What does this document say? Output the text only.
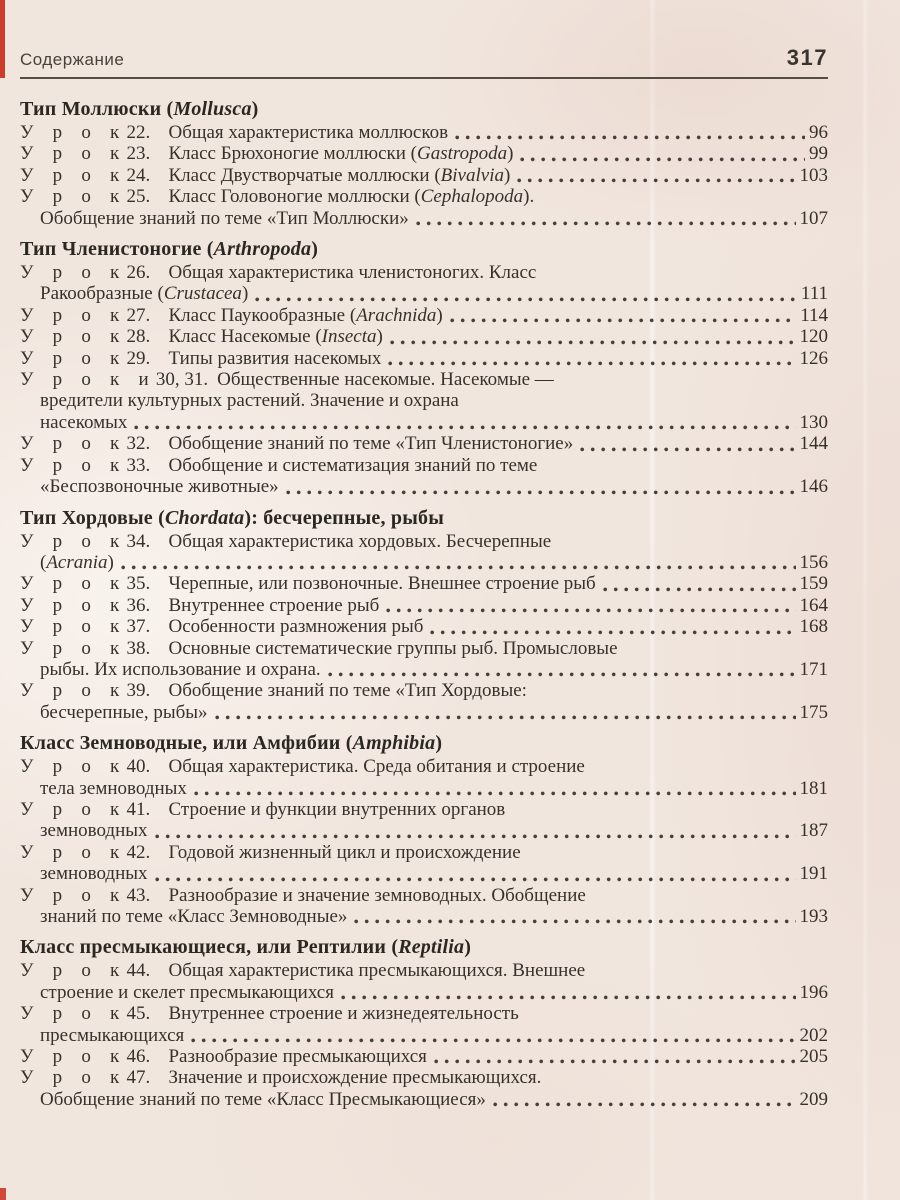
Содержание	317
Тип Моллюски (Mollusca)
У р о к 22. Общая характеристика моллюсков	96
У р о к 23. Класс Брюхоногие моллюски (Gastropoda)	99
У р о к 24. Класс Двустворчатые моллюски (Bivalvia)	103
У р о к 25. Класс Головоногие моллюски (Cephalopoda).
Обобщение знаний по теме «Тип Моллюски»	107
Тип Членистоногие (Arthropoda)
У р о к 26. Общая характеристика членистоногих. Класс
Ракообразные (Crustacea)	111
У р о к 27. Класс Паукообразные (Arachnida)	114
У р о к 28. Класс Насекомые (Insecta)	120
У р о к 29. Типы развития насекомых	126
У р о к и 30, 31. Общественные насекомые. Насекомые —
вредители культурных растений. Значение и охрана
насекомых	130
У р о к 32. Обобщение знаний по теме «Тип Членистоногие»	144
У р о к 33. Обобщение и систематизация знаний по теме
«Беспозвоночные животные»	146
Тип Хордовые (Chordata): бесчерепные, рыбы
У р о к 34. Общая характеристика хордовых. Бесчерепные
(Acrania)	156
У р о к 35. Черепные, или позвоночные. Внешнее строение рыб	159
У р о к 36. Внутреннее строение рыб	164
У р о к 37. Особенности размножения рыб	168
У р о к 38. Основные систематические группы рыб. Промысловые
рыбы. Их использование и охрана.	171
У р о к 39. Обобщение знаний по теме «Тип Хордовые:
бесчерепные, рыбы»	175
Класс Земноводные, или Амфибии (Amphibia)
У р о к 40. Общая характеристика. Среда обитания и строение
тела земноводных	181
У р о к 41. Строение и функции внутренних органов
земноводных	187
У р о к 42. Годовой жизненный цикл и происхождение
земноводных	191
У р о к 43. Разнообразие и значение земноводных. Обобщение
знаний по теме «Класс Земноводные»	193
Класс пресмыкающиеся, или Рептилии (Reptilia)
У р о к 44. Общая характеристика пресмыкающихся. Внешнее
строение и скелет пресмыкающихся	196
У р о к 45. Внутреннее строение и жизнедеятельность
пресмыкающихся	202
У р о к 46. Разнообразие пресмыкающихся	205
У р о к 47. Значение и происхождение пресмыкающихся.
Обобщение знаний по теме «Класс Пресмыкающиеся»	209
